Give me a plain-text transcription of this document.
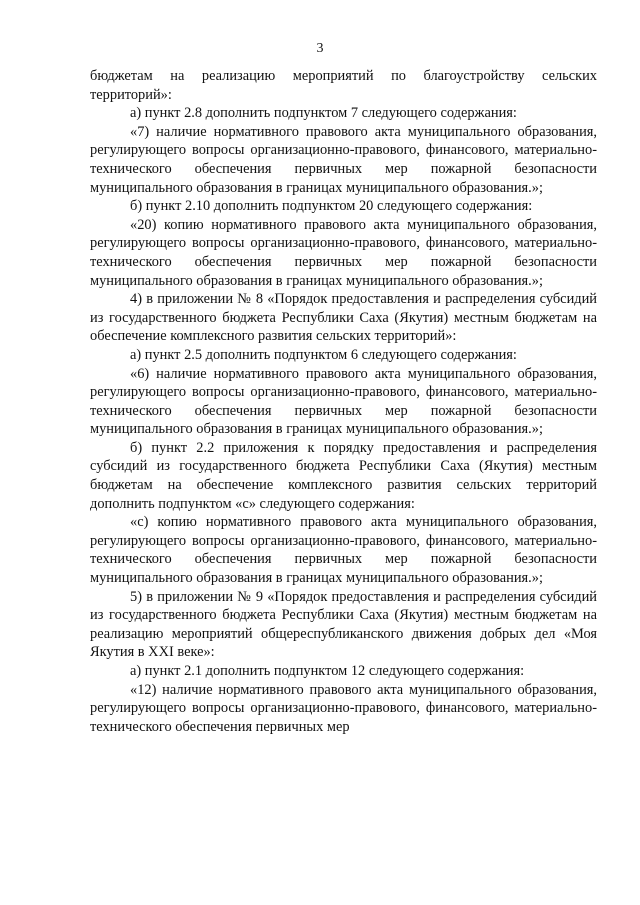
3

бюджетам на реализацию мероприятий по благоустройству сельских территорий»:

а) пункт 2.8 дополнить подпунктом 7 следующего содержания:

«7) наличие нормативного правового акта муниципального образования, регулирующего вопросы организационно-правового, финансового, материально-технического обеспечения первичных мер пожарной безопасности муниципального образования в границах муниципального образования.»;

б) пункт 2.10 дополнить подпунктом 20 следующего содержания:

«20) копию нормативного правового акта муниципального образования, регулирующего вопросы организационно-правового, финансового, материально-технического обеспечения первичных мер пожарной безопасности муниципального образования в границах муниципального образования.»;

4) в приложении № 8 «Порядок предоставления и распределения субсидий из государственного бюджета Республики Саха (Якутия) местным бюджетам на обеспечение комплексного развития сельских территорий»:

а) пункт 2.5 дополнить подпунктом 6 следующего содержания:

«6) наличие нормативного правового акта муниципального образования, регулирующего вопросы организационно-правового, финансового, материально-технического обеспечения первичных мер пожарной безопасности муниципального образования в границах муниципального образования.»;

б) пункт 2.2 приложения к порядку предоставления и распределения субсидий из государственного бюджета Республики Саха (Якутия) местным бюджетам на обеспечение комплексного развития сельских территорий дополнить подпунктом «с» следующего содержания:

«с) копию нормативного правового акта муниципального образования, регулирующего вопросы организационно-правового, финансового, материально-технического обеспечения первичных мер пожарной безопасности муниципального образования в границах муниципального образования.»;

5) в приложении № 9 «Порядок предоставления и распределения субсидий из государственного бюджета Республики Саха (Якутия) местным бюджетам на реализацию мероприятий общереспубликанского движения добрых дел «Моя Якутия в XXI веке»:

а) пункт 2.1 дополнить подпунктом 12 следующего содержания:

«12) наличие нормативного правового акта муниципального образования, регулирующего вопросы организационно-правового, финансового, материально-технического обеспечения первичных мер
